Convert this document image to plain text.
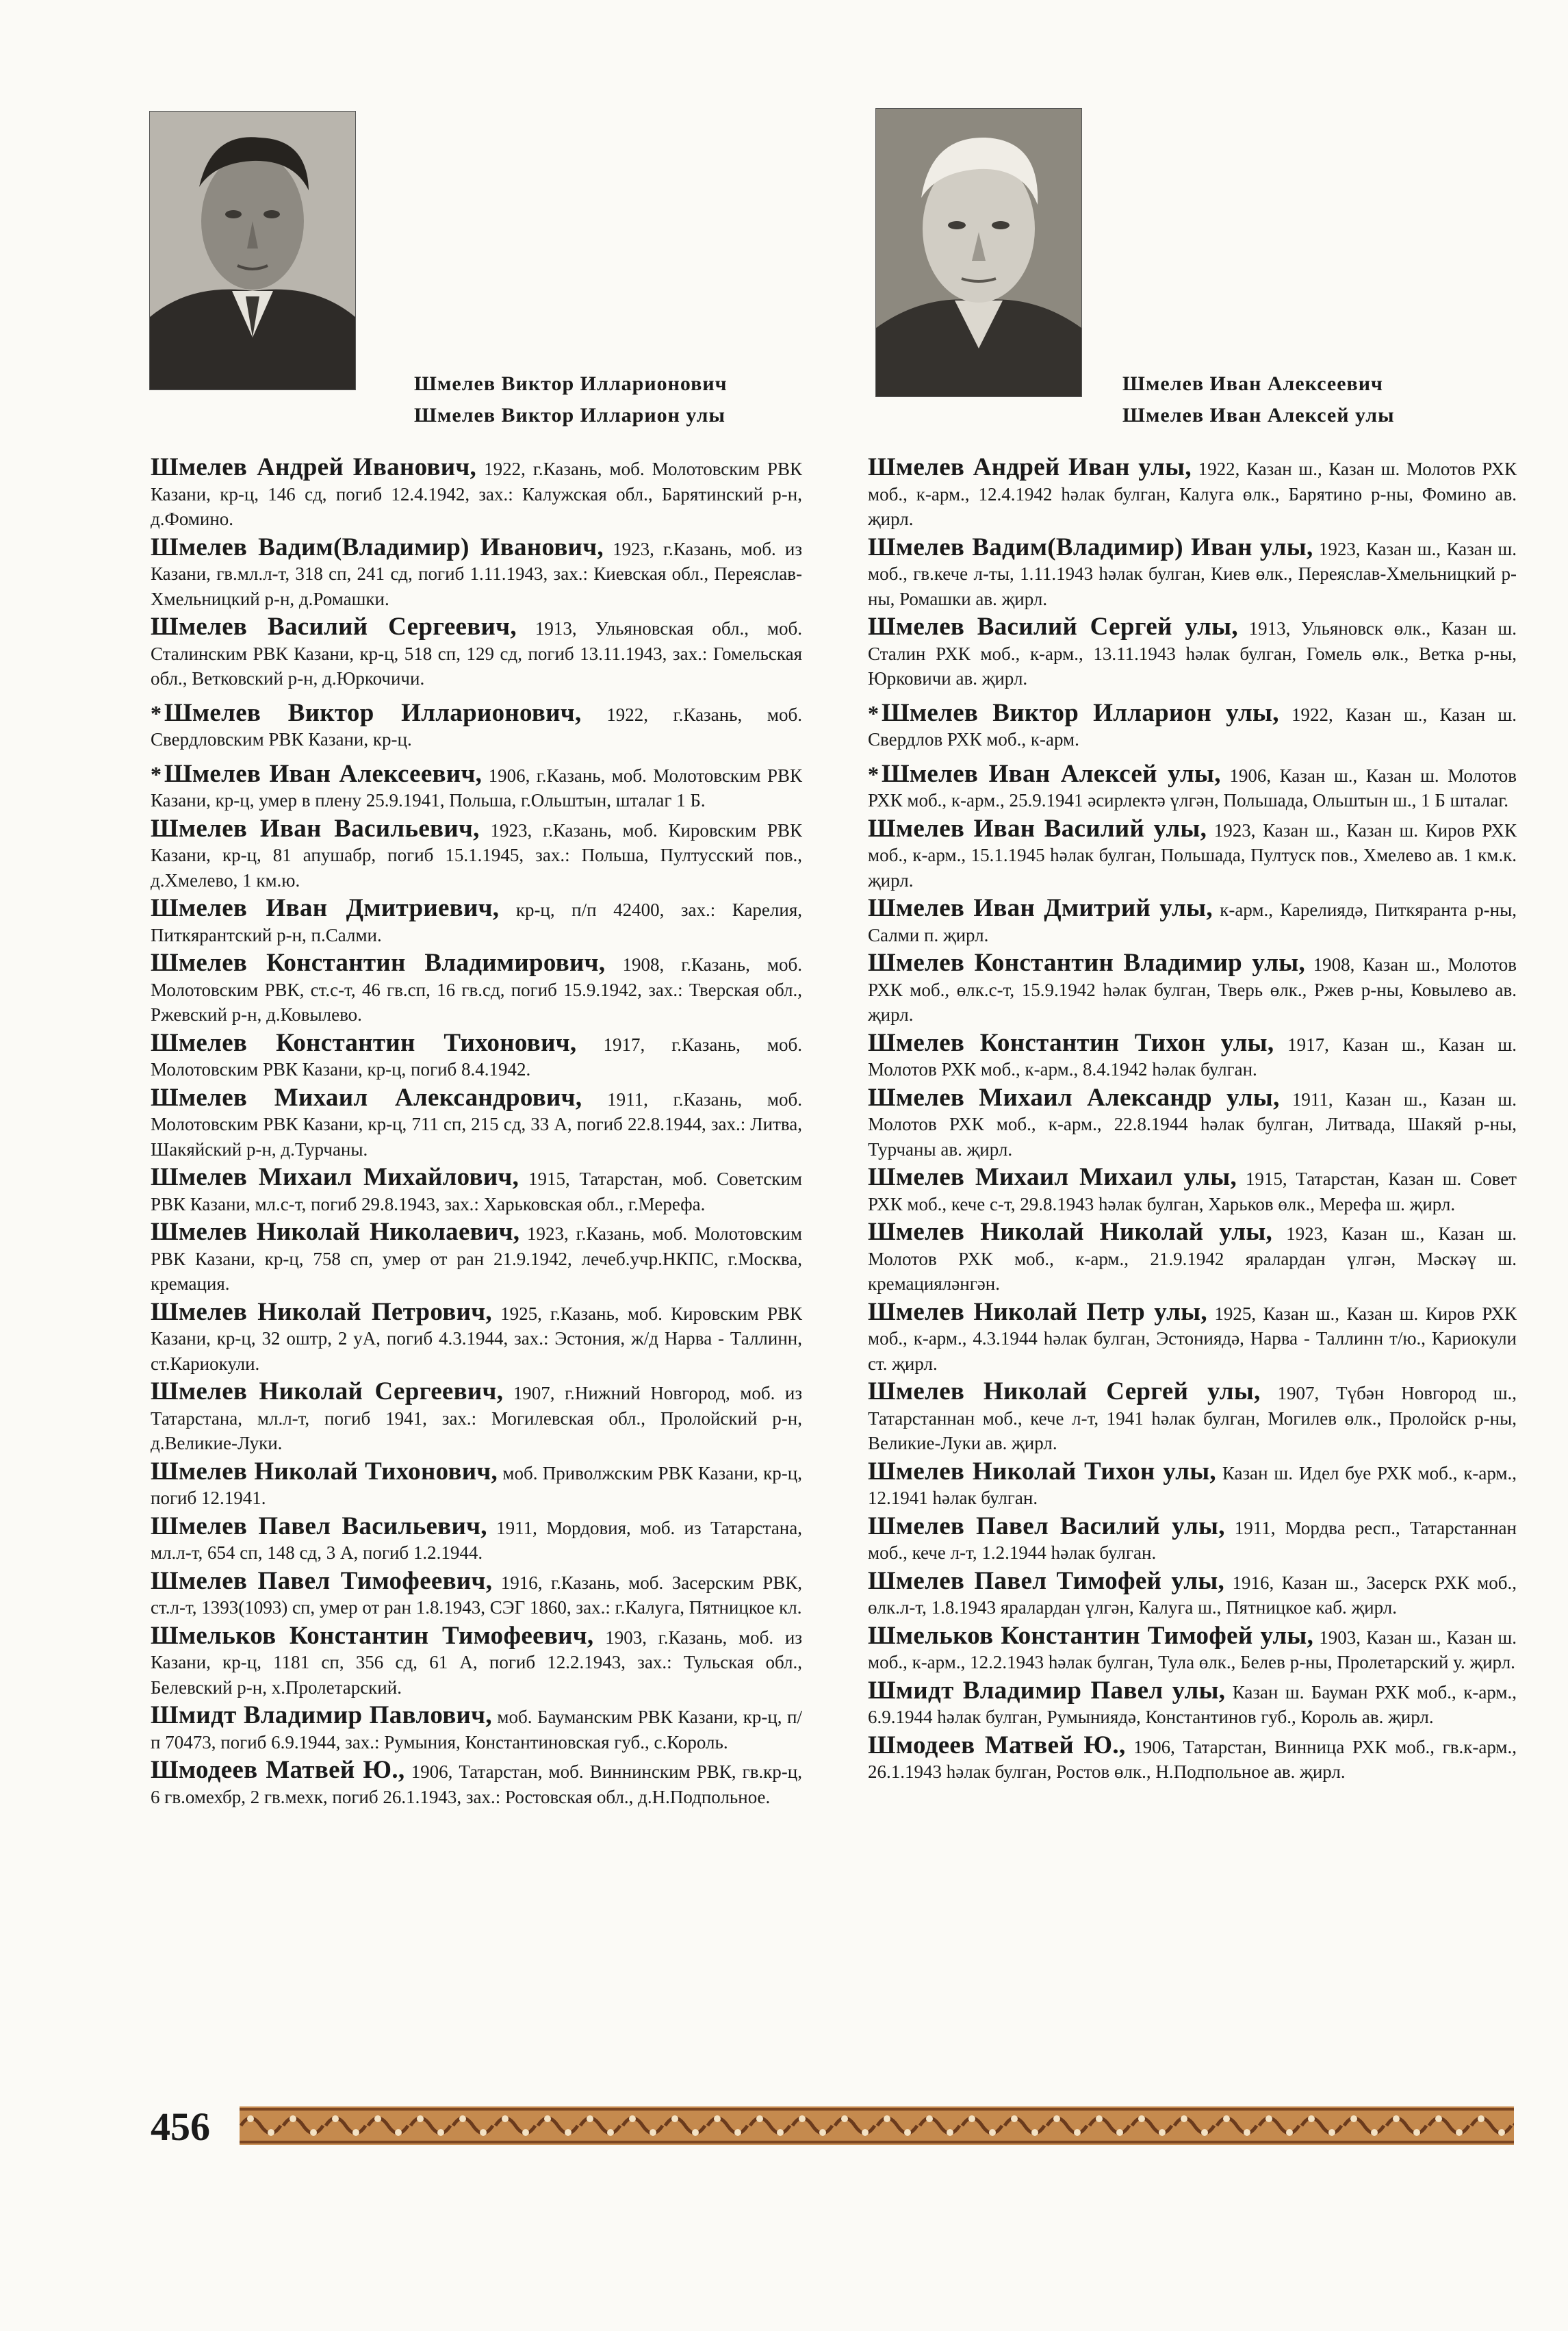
Шмелев Виктор Илларионович
Шмелев Виктор Илларион улы
Шмелев Иван Алексеевич
Шмелев Иван Алексей улы
Шмелев Андрей Иванович, 1922, г.Казань, моб. Молотовским РВК Казани, кр-ц, 146 сд, погиб 12.4.1942, зах.: Калужская обл., Барятинский р-н, д.Фомино.
Шмелев Вадим(Владимир) Иванович, 1923, г.Казань, моб. из Казани, гв.мл.л-т, 318 сп, 241 сд, погиб 1.11.1943, зах.: Киевская обл., Переяслав-Хмельницкий р-н, д.Ромашки.
Шмелев Василий Сергеевич, 1913, Ульяновская обл., моб. Сталинским РВК Казани, кр-ц, 518 сп, 129 сд, погиб 13.11.1943, зах.: Гомельская обл., Ветковский р-н, д.Юркочичи.
* Шмелев Виктор Илларионович, 1922, г.Казань, моб. Свердловским РВК Казани, кр-ц.
* Шмелев Иван Алексеевич, 1906, г.Казань, моб. Молотовским РВК Казани, кр-ц, умер в плену 25.9.1941, Польша, г.Ольштын, шталаг 1 Б.
Шмелев Иван Васильевич, 1923, г.Казань, моб. Кировским РВК Казани, кр-ц, 81 апушабр, погиб 15.1.1945, зах.: Польша, Пултусский пов., д.Хмелево, 1 км.ю.
Шмелев Иван Дмитриевич, кр-ц, п/п 42400, зах.: Карелия, Питкярантский р-н, п.Салми.
Шмелев Константин Владимирович, 1908, г.Казань, моб. Молотовским РВК, ст.с-т, 46 гв.сп, 16 гв.сд, погиб 15.9.1942, зах.: Тверская обл., Ржевский р-н, д.Ковылево.
Шмелев Константин Тихонович, 1917, г.Казань, моб. Молотовским РВК Казани, кр-ц, погиб 8.4.1942.
Шмелев Михаил Александрович, 1911, г.Казань, моб. Молотовским РВК Казани, кр-ц, 711 сп, 215 сд, 33 А, погиб 22.8.1944, зах.: Литва, Шакяйский р-н, д.Турчаны.
Шмелев Михаил Михайлович, 1915, Татарстан, моб. Советским РВК Казани, мл.с-т, погиб 29.8.1943, зах.: Харьковская обл., г.Мерефа.
Шмелев Николай Николаевич, 1923, г.Казань, моб. Молотовским РВК Казани, кр-ц, 758 сп, умер от ран 21.9.1942, лечеб.учр.НКПС, г.Москва, кремация.
Шмелев Николай Петрович, 1925, г.Казань, моб. Кировским РВК Казани, кр-ц, 32 оштр, 2 уА, погиб 4.3.1944, зах.: Эстония, ж/д Нарва - Таллинн, ст.Кариокули.
Шмелев Николай Сергеевич, 1907, г.Нижний Новгород, моб. из Татарстана, мл.л-т, погиб 1941, зах.: Могилевская обл., Пролойский р-н, д.Великие-Луки.
Шмелев Николай Тихонович, моб. Приволжским РВК Казани, кр-ц, погиб 12.1941.
Шмелев Павел Васильевич, 1911, Мордовия, моб. из Татарстана, мл.л-т, 654 сп, 148 сд, 3 А, погиб 1.2.1944.
Шмелев Павел Тимофеевич, 1916, г.Казань, моб. Засерским РВК, ст.л-т, 1393(1093) сп, умер от ран 1.8.1943, СЭГ 1860, зах.: г.Калуга, Пятницкое кл.
Шмельков Константин Тимофеевич, 1903, г.Казань, моб. из Казани, кр-ц, 1181 сп, 356 сд, 61 А, погиб 12.2.1943, зах.: Тульская обл., Белевский р-н, х.Пролетарский.
Шмидт Владимир Павлович, моб. Бауманским РВК Казани, кр-ц, п/п 70473, погиб 6.9.1944, зах.: Румыния, Константиновская губ., с.Король.
Шмодеев Матвей Ю., 1906, Татарстан, моб. Виннинским РВК, гв.кр-ц, 6 гв.омехбр, 2 гв.мехк, погиб 26.1.1943, зах.: Ростовская обл., д.Н.Подпольное.
Шмелев Андрей Иван улы, 1922, Казан ш., Казан ш. Молотов РХК моб., к-арм., 12.4.1942 һәлак булган, Калуга өлк., Барятино р-ны, Фомино ав. җирл.
Шмелев Вадим(Владимир) Иван улы, 1923, Казан ш., Казан ш. моб., гв.кече л-ты, 1.11.1943 һәлак булган, Киев өлк., Переяслав-Хмельницкий р-ны, Ромашки ав. җирл.
Шмелев Василий Сергей улы, 1913, Ульяновск өлк., Казан ш. Сталин РХК моб., к-арм., 13.11.1943 һәлак булган, Гомель өлк., Ветка р-ны, Юрковичи ав. җирл.
* Шмелев Виктор Илларион улы, 1922, Казан ш., Казан ш. Свердлов РХК моб., к-арм.
* Шмелев Иван Алексей улы, 1906, Казан ш., Казан ш. Молотов РХК моб., к-арм., 25.9.1941 әсирлектә үлгән, Польшада, Ольштын ш., 1 Б шталаг.
Шмелев Иван Василий улы, 1923, Казан ш., Казан ш. Киров РХК моб., к-арм., 15.1.1945 һәлак булган, Польшада, Пултуск пов., Хмелево ав. 1 км.к. җирл.
Шмелев Иван Дмитрий улы, к-арм., Карелиядә, Питкяранта р-ны, Салми п. җирл.
Шмелев Константин Владимир улы, 1908, Казан ш., Молотов РХК моб., өлк.с-т, 15.9.1942 һәлак булган, Тверь өлк., Ржев р-ны, Ковылево ав. җирл.
Шмелев Константин Тихон улы, 1917, Казан ш., Казан ш. Молотов РХК моб., к-арм., 8.4.1942 һәлак булган.
Шмелев Михаил Александр улы, 1911, Казан ш., Казан ш. Молотов РХК моб., к-арм., 22.8.1944 һәлак булган, Литвада, Шакяй р-ны, Турчаны ав. җирл.
Шмелев Михаил Михаил улы, 1915, Татарстан, Казан ш. Совет РХК моб., кече с-т, 29.8.1943 һәлак булган, Харьков өлк., Мерефа ш. җирл.
Шмелев Николай Николай улы, 1923, Казан ш., Казан ш. Молотов РХК моб., к-арм., 21.9.1942 яралардан үлгән, Мәскәү ш. кремацияләнгән.
Шмелев Николай Петр улы, 1925, Казан ш., Казан ш. Киров РХК моб., к-арм., 4.3.1944 һәлак булган, Эстониядә, Нарва - Таллинн т/ю., Кариокули ст. җирл.
Шмелев Николай Сергей улы, 1907, Түбән Новгород ш., Татарстаннан моб., кече л-т, 1941 һәлак булган, Могилев өлк., Пролойск р-ны, Великие-Луки ав. җирл.
Шмелев Николай Тихон улы, Казан ш. Идел буе РХК моб., к-арм., 12.1941 һәлак булган.
Шмелев Павел Василий улы, 1911, Мордва респ., Татарстаннан моб., кече л-т, 1.2.1944 һәлак булган.
Шмелев Павел Тимофей улы, 1916, Казан ш., Засерск РХК моб., өлк.л-т, 1.8.1943 яралардан үлгән, Калуга ш., Пятницкое каб. җирл.
Шмельков Константин Тимофей улы, 1903, Казан ш., Казан ш. моб., к-арм., 12.2.1943 һәлак булган, Тула өлк., Белев р-ны, Пролетарский у. җирл.
Шмидт Владимир Павел улы, Казан ш. Бауман РХК моб., к-арм., 6.9.1944 һәлак булган, Румыниядә, Константинов губ., Король ав. җирл.
Шмодеев Матвей Ю., 1906, Татарстан, Винница РХК моб., гв.к-арм., 26.1.1943 һәлак булган, Ростов өлк., Н.Подпольное ав. җирл.
456
